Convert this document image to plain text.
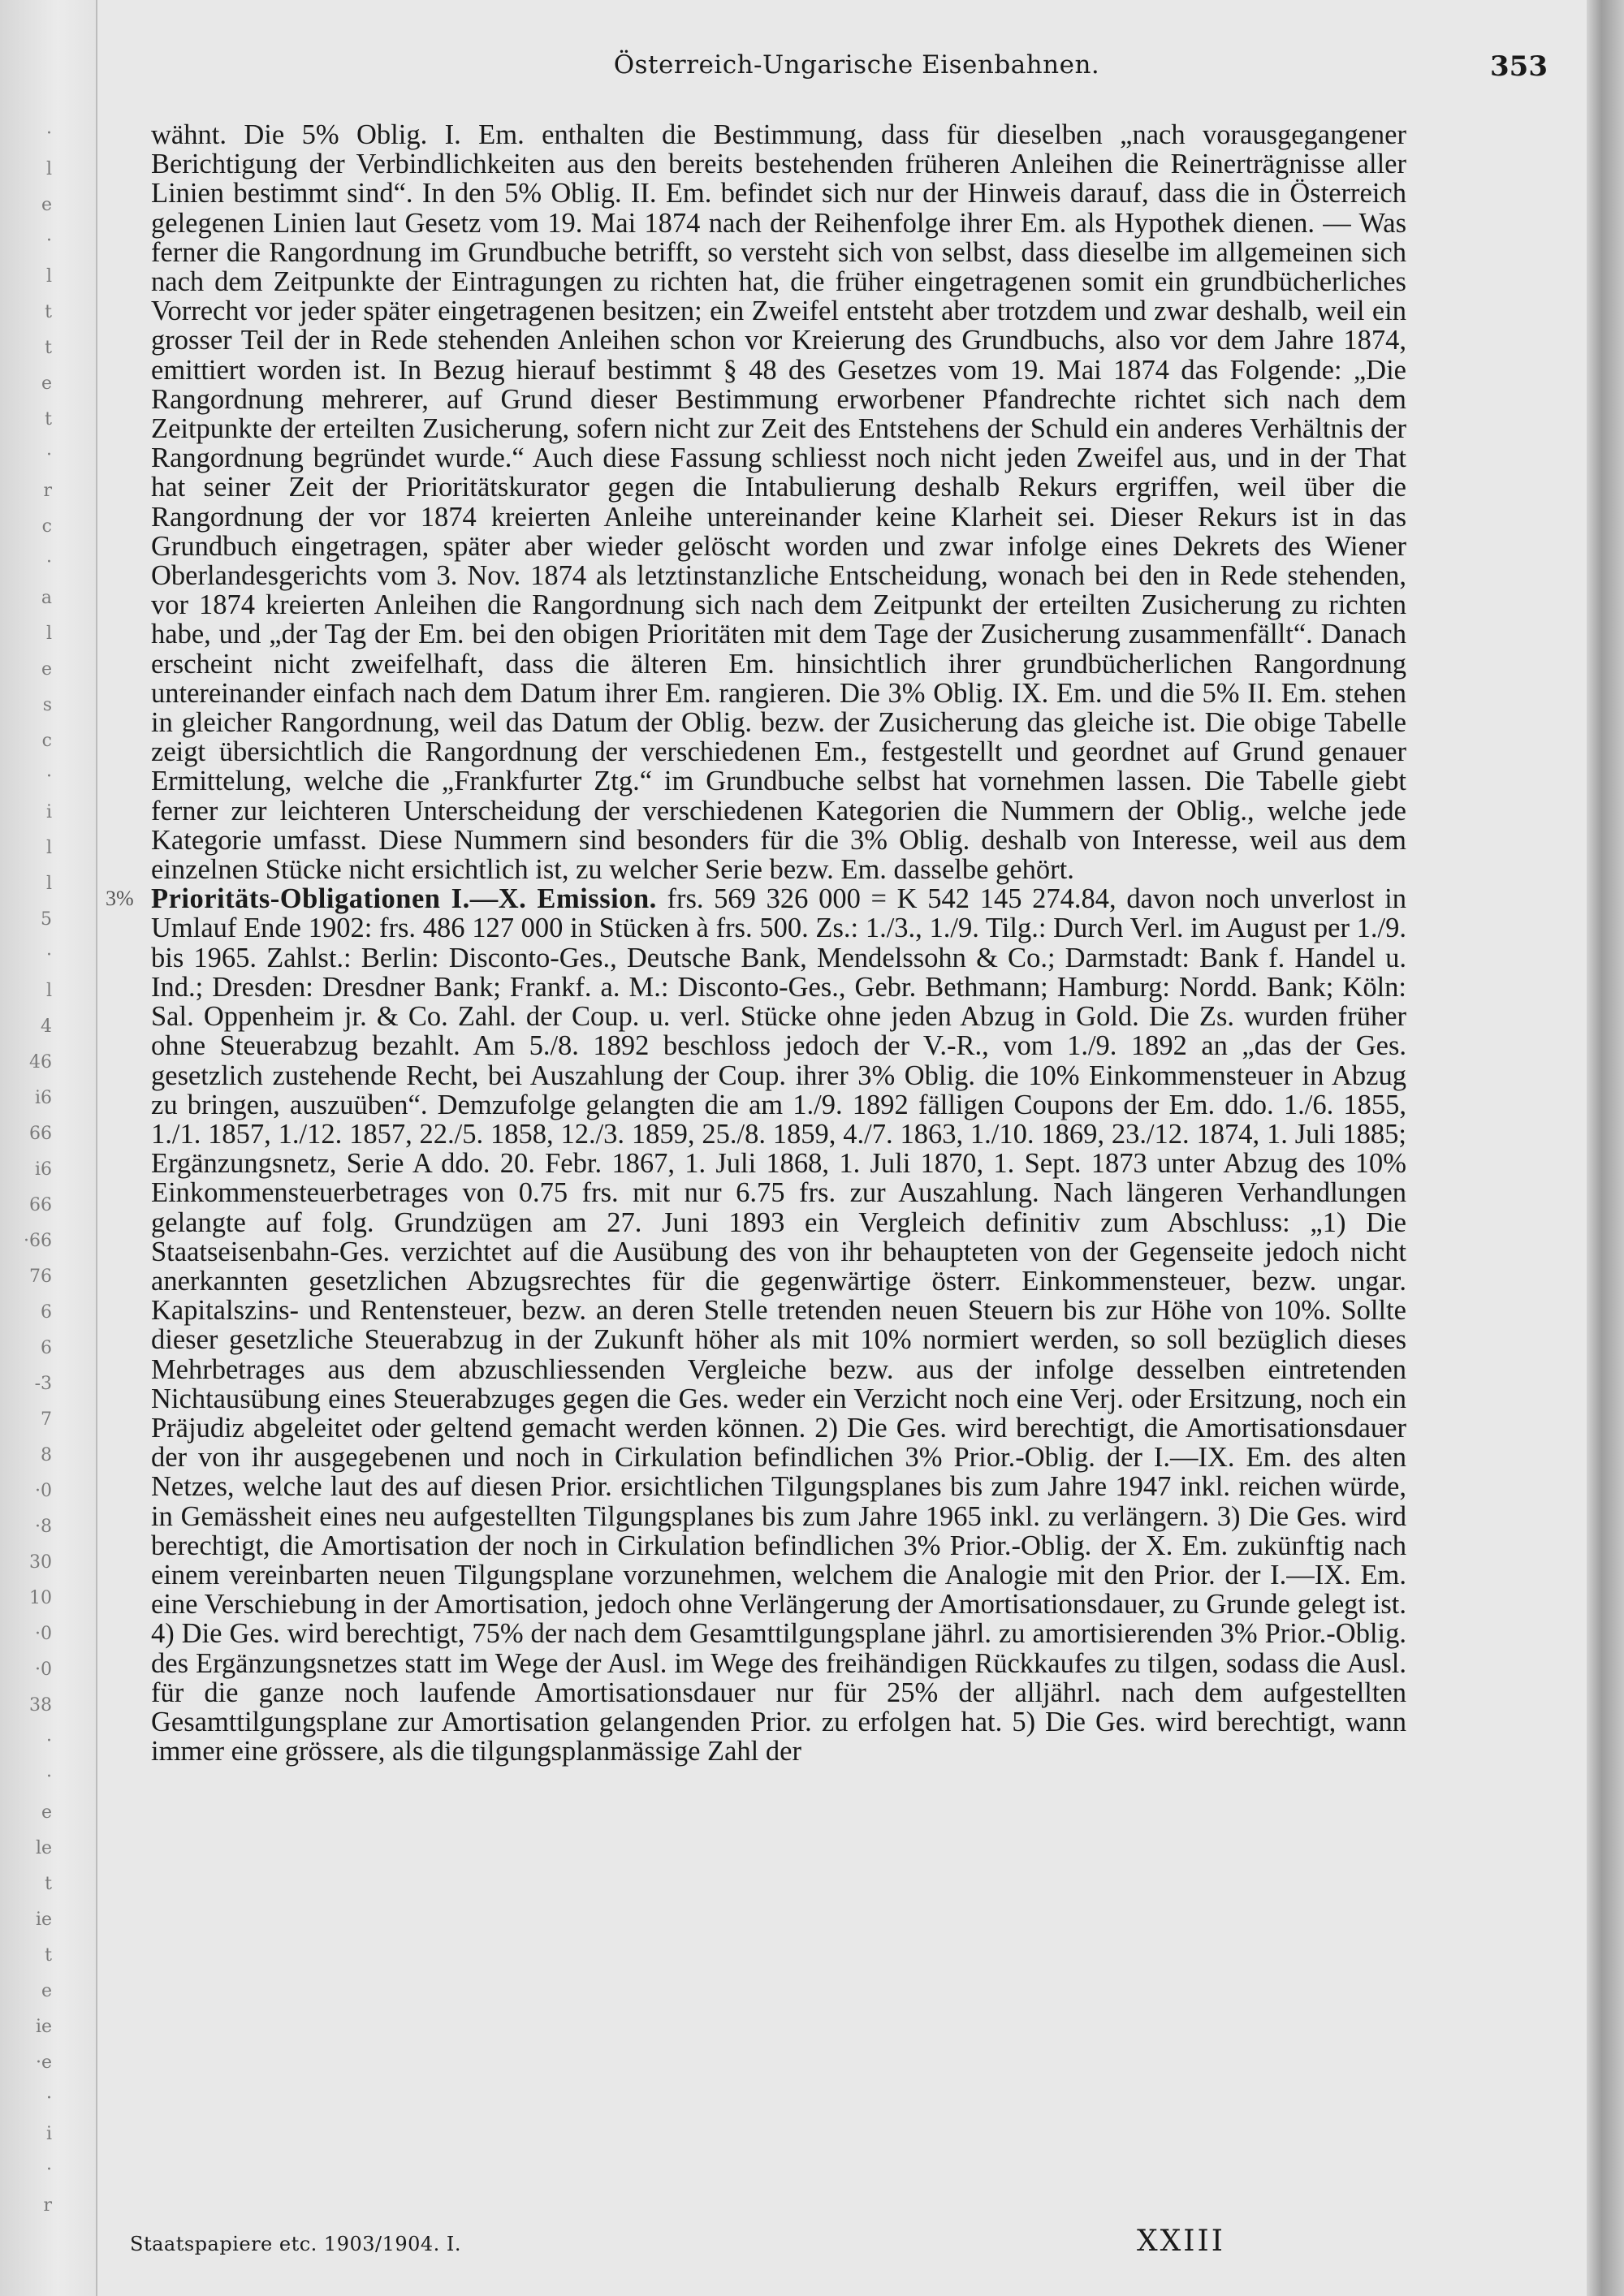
·
l
e
·
l
t
t
e
t
·
r
c
·
a
l
e
s
c
·
i
l
l
5
·
l
4
46
i6
66
i6
66
·66
76
6
6
-3
7
8
·0
·8
30
10
·0
·0
38
·
·
e
le
t
ie
t
e
ie
·e
·
i
·
r
Österreich-Ungarische Eisenbahnen.	353

wähnt. Die 5% Oblig. I. Em. enthalten die Bestimmung, dass für dieselben „nach vorausgegangener Berichtigung der Verbindlichkeiten aus den bereits bestehenden früheren Anleihen die Reinerträgnisse aller Linien bestimmt sind“. In den 5% Oblig. II. Em. befindet sich nur der Hinweis darauf, dass die in Österreich gelegenen Linien laut Gesetz vom 19. Mai 1874 nach der Reihenfolge ihrer Em. als Hypothek dienen. — Was ferner die Rangordnung im Grundbuche betrifft, so versteht sich von selbst, dass dieselbe im allgemeinen sich nach dem Zeitpunkte der Eintragungen zu richten hat, die früher eingetragenen somit ein grundbücherliches Vorrecht vor jeder später eingetragenen besitzen; ein Zweifel entsteht aber trotzdem und zwar deshalb, weil ein grosser Teil der in Rede stehenden Anleihen schon vor Kreierung des Grundbuchs, also vor dem Jahre 1874, emittiert worden ist. In Bezug hierauf bestimmt § 48 des Gesetzes vom 19. Mai 1874 das Folgende: „Die Rangordnung mehrerer, auf Grund dieser Bestimmung erworbener Pfandrechte richtet sich nach dem Zeitpunkte der erteilten Zusicherung, sofern nicht zur Zeit des Entstehens der Schuld ein anderes Verhältnis der Rangordnung begründet wurde.“ Auch diese Fassung schliesst noch nicht jeden Zweifel aus, und in der That hat seiner Zeit der Prioritätskurator gegen die Intabulierung deshalb Rekurs ergriffen, weil über die Rangordnung der vor 1874 kreierten Anleihe untereinander keine Klarheit sei. Dieser Rekurs ist in das Grundbuch eingetragen, später aber wieder gelöscht worden und zwar infolge eines Dekrets des Wiener Oberlandesgerichts vom 3. Nov. 1874 als letztinstanzliche Entscheidung, wonach bei den in Rede stehenden, vor 1874 kreierten Anleihen die Rangordnung sich nach dem Zeitpunkt der erteilten Zusicherung zu richten habe, und „der Tag der Em. bei den obigen Prioritäten mit dem Tage der Zusicherung zusammenfällt“. Danach erscheint nicht zweifelhaft, dass die älteren Em. hinsichtlich ihrer grundbücherlichen Rangordnung untereinander einfach nach dem Datum ihrer Em. rangieren. Die 3% Oblig. IX. Em. und die 5% II. Em. stehen in gleicher Rangordnung, weil das Datum der Oblig. bezw. der Zusicherung das gleiche ist. Die obige Tabelle zeigt übersichtlich die Rangordnung der verschiedenen Em., festgestellt und geordnet auf Grund genauer Ermittelung, welche die „Frankfurter Ztg.“ im Grundbuche selbst hat vornehmen lassen. Die Tabelle giebt ferner zur leichteren Unterscheidung der verschiedenen Kategorien die Nummern der Oblig., welche jede Kategorie umfasst. Diese Nummern sind besonders für die 3% Oblig. deshalb von Interesse, weil aus dem einzelnen Stücke nicht ersichtlich ist, zu welcher Serie bezw. Em. dasselbe gehört.

3% Prioritäts-Obligationen I.—X. Emission. frs. 569 326 000 = K 542 145 274.84, davon noch unverlost in Umlauf Ende 1902: frs. 486 127 000 in Stücken à frs. 500. Zs.: 1./3., 1./9. Tilg.: Durch Verl. im August per 1./9. bis 1965. Zahlst.: Berlin: Disconto-Ges., Deutsche Bank, Mendelssohn & Co.; Darmstadt: Bank f. Handel u. Ind.; Dresden: Dresdner Bank; Frankf. a. M.: Disconto-Ges., Gebr. Bethmann; Hamburg: Nordd. Bank; Köln: Sal. Oppenheim jr. & Co. Zahl. der Coup. u. verl. Stücke ohne jeden Abzug in Gold. Die Zs. wurden früher ohne Steuerabzug bezahlt. Am 5./8. 1892 beschloss jedoch der V.-R., vom 1./9. 1892 an „das der Ges. gesetzlich zustehende Recht, bei Auszahlung der Coup. ihrer 3% Oblig. die 10% Einkommensteuer in Abzug zu bringen, auszuüben“. Demzufolge gelangten die am 1./9. 1892 fälligen Coupons der Em. ddo. 1./6. 1855, 1./1. 1857, 1./12. 1857, 22./5. 1858, 12./3. 1859, 25./8. 1859, 4./7. 1863, 1./10. 1869, 23./12. 1874, 1. Juli 1885; Ergänzungsnetz, Serie A ddo. 20. Febr. 1867, 1. Juli 1868, 1. Juli 1870, 1. Sept. 1873 unter Abzug des 10% Einkommensteuerbetrages von 0.75 frs. mit nur 6.75 frs. zur Auszahlung. Nach längeren Verhandlungen gelangte auf folg. Grundzügen am 27. Juni 1893 ein Vergleich definitiv zum Abschluss: „1) Die Staatseisenbahn-Ges. verzichtet auf die Ausübung des von ihr behaupteten von der Gegenseite jedoch nicht anerkannten gesetzlichen Abzugsrechtes für die gegenwärtige österr. Einkommensteuer, bezw. ungar. Kapitalszins- und Rentensteuer, bezw. an deren Stelle tretenden neuen Steuern bis zur Höhe von 10%. Sollte dieser gesetzliche Steuerabzug in der Zukunft höher als mit 10% normiert werden, so soll bezüglich dieses Mehrbetrages aus dem abzuschliessenden Vergleiche bezw. aus der infolge desselben eintretenden Nichtausübung eines Steuerabzuges gegen die Ges. weder ein Verzicht noch eine Verj. oder Ersitzung, noch ein Präjudiz abgeleitet oder geltend gemacht werden können. 2) Die Ges. wird berechtigt, die Amortisationsdauer der von ihr ausgegebenen und noch in Cirkulation befindlichen 3% Prior.-Oblig. der I.—IX. Em. des alten Netzes, welche laut des auf diesen Prior. ersichtlichen Tilgungsplanes bis zum Jahre 1947 inkl. reichen würde, in Gemässheit eines neu aufgestellten Tilgungsplanes bis zum Jahre 1965 inkl. zu verlängern. 3) Die Ges. wird berechtigt, die Amortisation der noch in Cirkulation befindlichen 3% Prior.-Oblig. der X. Em. zukünftig nach einem vereinbarten neuen Tilgungsplane vorzunehmen, welchem die Analogie mit den Prior. der I.—IX. Em. eine Verschiebung in der Amortisation, jedoch ohne Verlängerung der Amortisationsdauer, zu Grunde gelegt ist. 4) Die Ges. wird berechtigt, 75% der nach dem Gesamttilgungsplane jährl. zu amortisierenden 3% Prior.-Oblig. des Ergänzungsnetzes statt im Wege der Ausl. im Wege des freihändigen Rückkaufes zu tilgen, sodass die Ausl. für die ganze noch laufende Amortisationsdauer nur für 25% der alljährl. nach dem aufgestellten Gesamttilgungsplane zur Amortisation gelangenden Prior. zu erfolgen hat. 5) Die Ges. wird berechtigt, wann immer eine grössere, als die tilgungsplanmässige Zahl der

Staatspapiere etc. 1903/1904. I.	XXIII
